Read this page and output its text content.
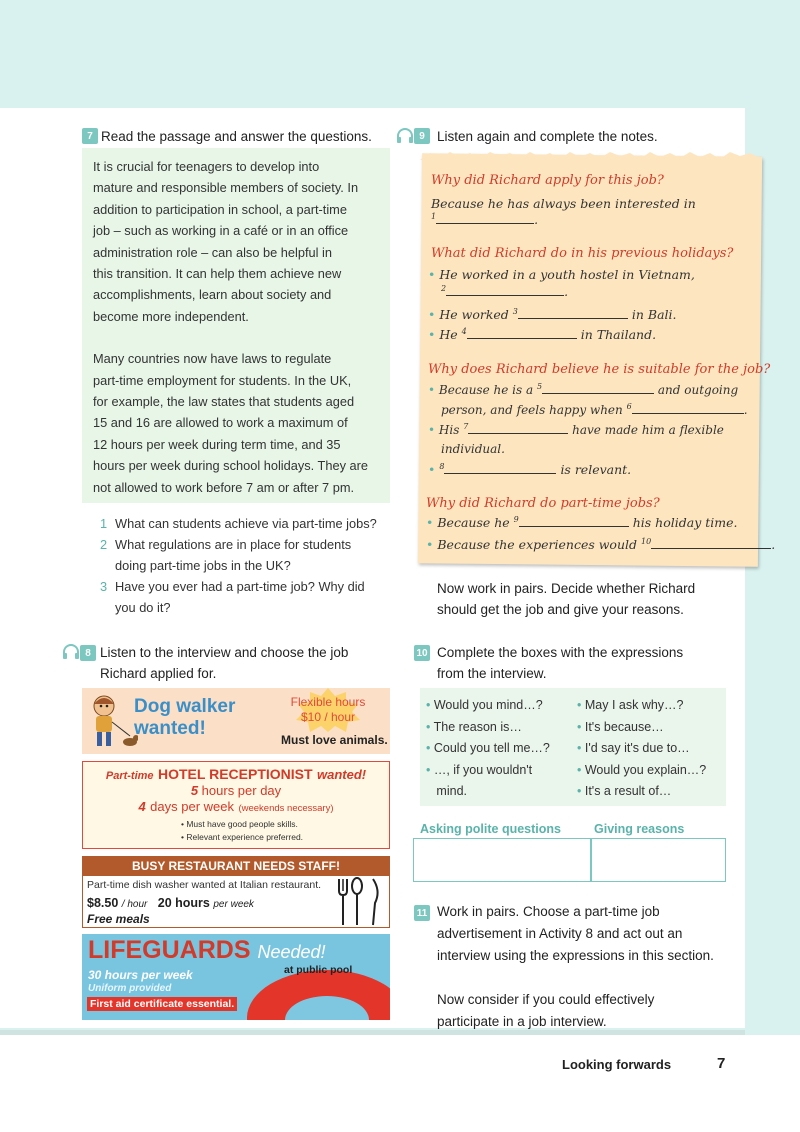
7 Read the passage and answer the questions.

It is crucial for teenagers to develop into
mature and responsible members of society. In
addition to participation in school, a part-time
job – such as working in a café or in an office
administration role – can also be helpful in
this transition. It can help them achieve new
accomplishments, learn about society and
become more independent.

Many countries now have laws to regulate
part-time employment for students. In the UK,
for example, the law states that students aged
15 and 16 are allowed to work a maximum of
12 hours per week during term time, and 35
hours per week during school holidays. They are
not allowed to work before 7 am or after 7 pm.

1 What can students achieve via part-time jobs?
2 What regulations are in place for students
doing part-time jobs in the UK?
3 Have you ever had a part-time job? Why did
you do it?
8 Listen to the interview and choose the job
Richard applied for.
Dog walker
wanted!
Flexible hours
$10 / hour
Must love animals.
Part-time HOTEL RECEPTIONIST wanted!
5 hours per day
4 days per week (weekends necessary)
• Must have good people skills.
• Relevant experience preferred.
BUSY RESTAURANT NEEDS STAFF!
Part-time dish washer wanted at Italian restaurant.
$8.50 / hour 20 hours per week
Free meals
LIFEGUARDS Needed!
at public pool
30 hours per week
Uniform provided
First aid certificate essential.
9 Listen again and complete the notes.
Why did Richard apply for this job?
Because he has always been interested in
$^1$	.
What did Richard do in his previous holidays?
• He worked in a youth hostel in Vietnam,
$^2$	.
• He worked $^3$	in Bali.
• He $^4$	in Thailand.
Why does Richard believe he is suitable for the job?
• Because he is a $^5$	and outgoing
person, and feels happy when $^6$	.
• His $^7$	have made him a flexible
individual.
• $^8$	is relevant.
Why did Richard do part-time jobs?
• Because he $^9$	his holiday time.
• Because the experiences would $^{10}$	.
Now work in pairs. Decide whether Richard
should get the job and give your reasons.
10 Complete the boxes with the expressions
from the interview.
• Would you mind…?
• The reason is…
• Could you tell me…?
• …, if you wouldn't
mind.
• May I ask why…?
• It's because…
• I'd say it's due to…
• Would you explain…?
• It's a result of…
Asking polite questions	Giving reasons
11 Work in pairs. Choose a part-time job
advertisement in Activity 8 and act out an
interview using the expressions in this section.

Now consider if you could effectively
participate in a job interview.
Looking forwards	7
